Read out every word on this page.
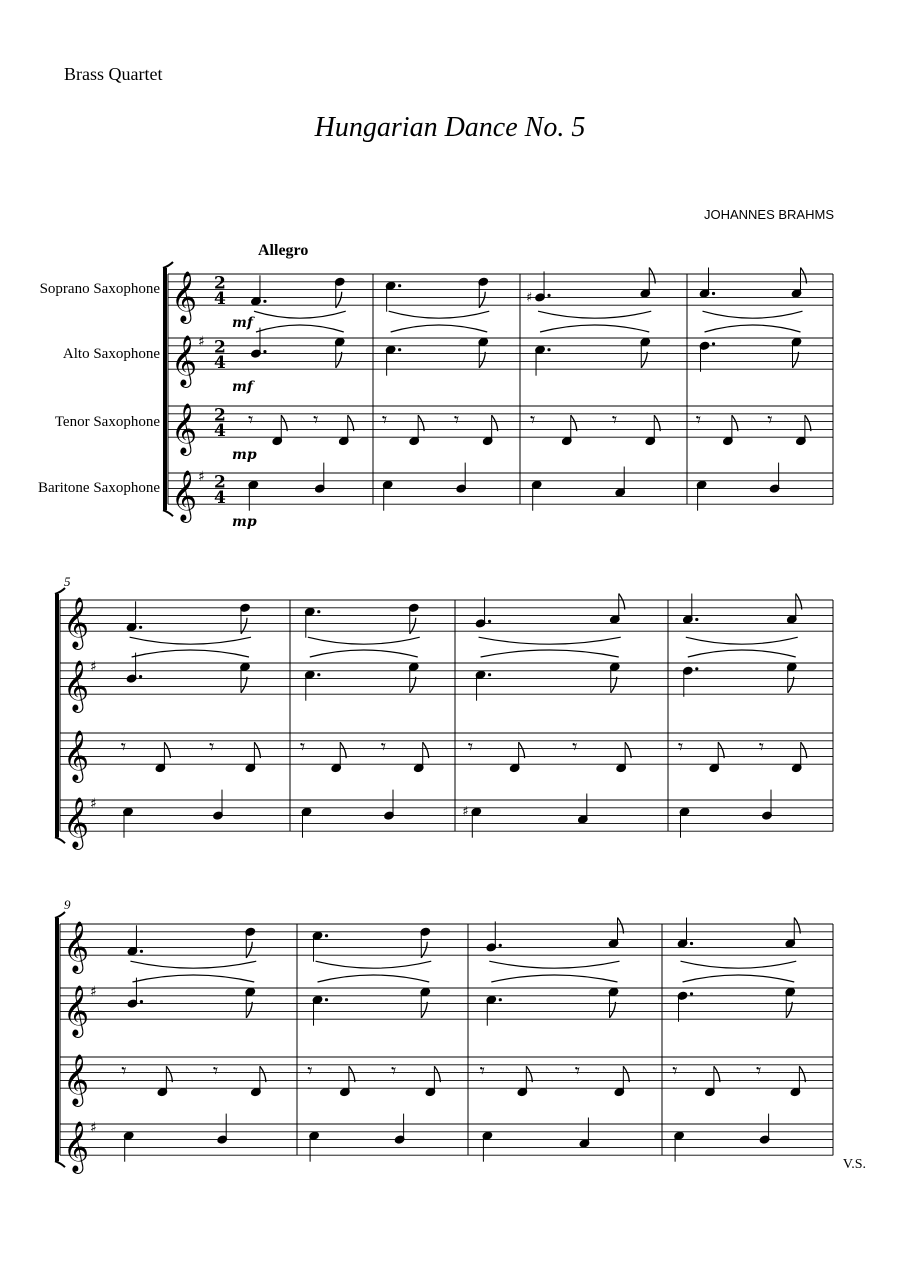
Brass Quartet
Hungarian Dance No. 5
JOHANNES BRAHMS
Allegro
Soprano Saxophone
Alto Saxophone
Tenor Saxophone
Baritone Saxophone
5
9
V.S.
𝄞 2
4
𝄞 ♯ 2
4
𝄞 2
4
𝄞 ♯ 2
4
𝄾	𝄾	𝄾	𝄾
♯
𝄾	𝄾	𝄾	𝄾
mf
mf
mp
mp
𝄞
𝄞 ♯
𝄞
𝄞 ♯
𝄾	𝄾	𝄾	𝄾	𝄾	𝄾
♯
𝄾	𝄾
𝄞
𝄞 ♯
𝄞
𝄞 ♯
𝄾	𝄾	𝄾	𝄾	𝄾	𝄾	𝄾	𝄾
